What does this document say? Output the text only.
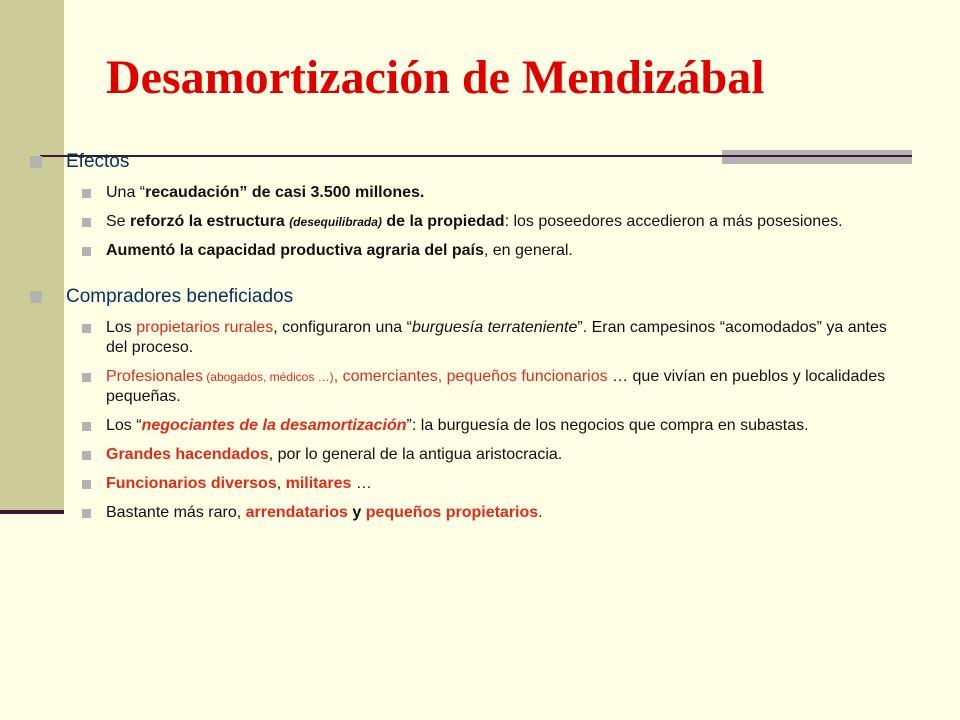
Desamortización de Mendizábal

Efectos

Una “recaudación” de casi 3.500 millones.
Se reforzó la estructura (desequilibrada) de la propiedad: los poseedores accedieron a más posesiones.
Aumentó la capacidad productiva agraria del país, en general.

Compradores beneficiados

Los propietarios rurales, configuraron una “burguesía terrateniente”. Eran campesinos “acomodados” ya antes del proceso.
Profesionales (abogados, médicos …), comerciantes, pequeños funcionarios … que vivían en pueblos y localidades pequeñas.
Los “negociantes de la desamortización”: la burguesía de los negocios que compra en subastas.
Grandes hacendados, por lo general de la antigua aristocracia.
Funcionarios diversos, militares …
Bastante más raro, arrendatarios y pequeños propietarios.
